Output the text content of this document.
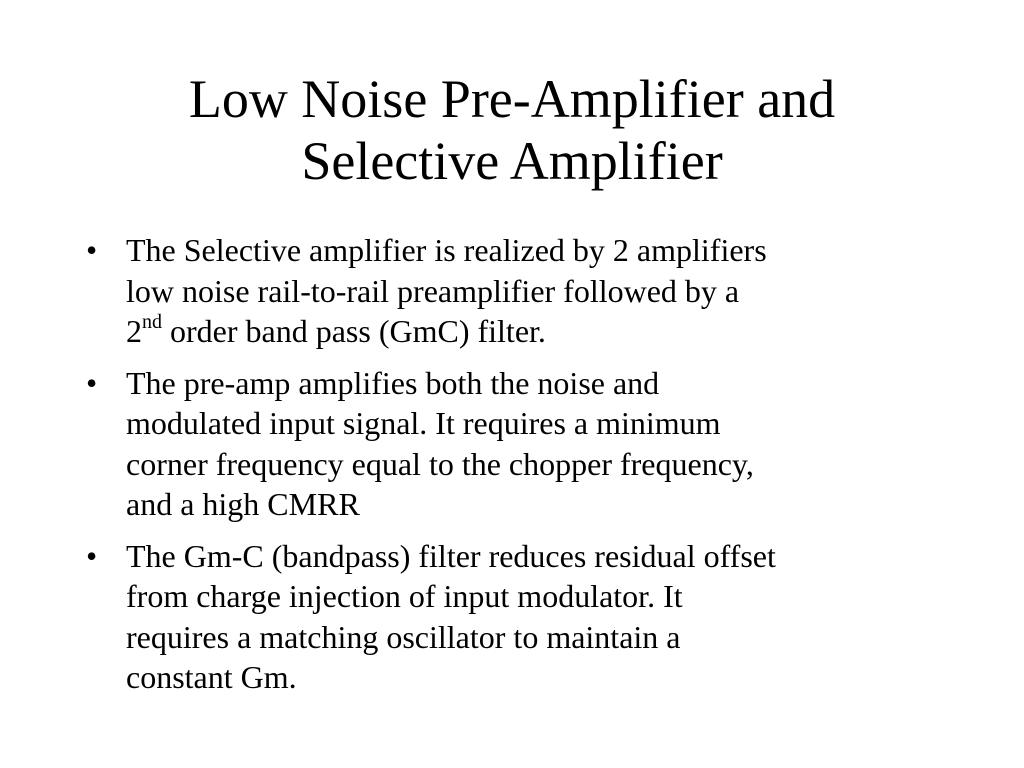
Low Noise Pre-Amplifier and
Selective Amplifier
• The Selective amplifier is realized by 2 amplifiers
low noise rail-to-rail preamplifier followed by a
2nd order band pass (GmC) filter.
• The pre-amp amplifies both the noise and
modulated input signal. It requires a minimum
corner frequency equal to the chopper frequency,
and a high CMRR
• The Gm-C (bandpass) filter reduces residual offset
from charge injection of input modulator. It
requires a matching oscillator to maintain a
constant Gm.
